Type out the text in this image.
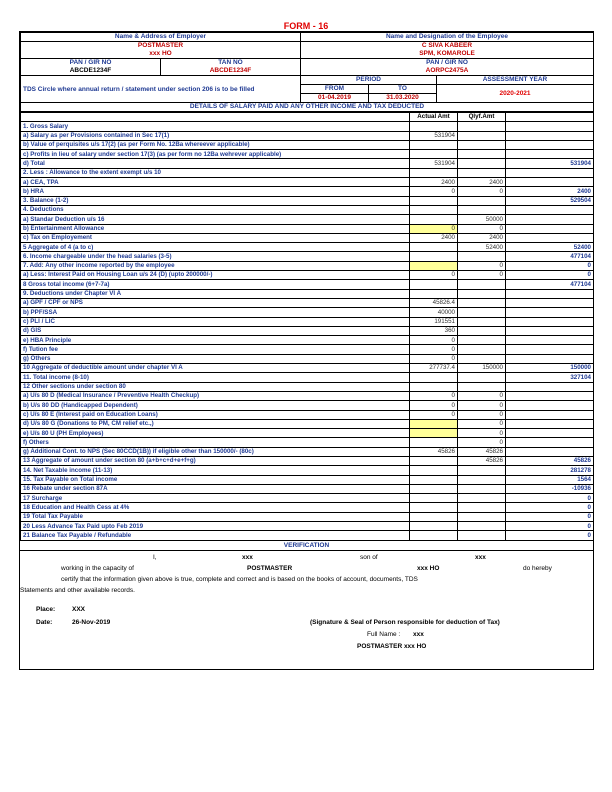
FORM - 16
Name & Address of Employer		Name and Designation of the Employee		
POSTMASTER		C SIVA KABEER		
xxx HO		SPM, KOMAROLE		
PAN / GIR NO	TAN NO	PAN / GIR NO		
ABCDE1234F	ABCDE1234F	AORPC2475A		
TDS Circle where annual return / statement under section 206 is to be filled		PERIOD		ASSESSMENT YEAR
		FROM	TO	2020-2021
		01-04.2019	31.03.2020	
DETAILS OF SALARY PAID AND ANY OTHER INCOME AND TAX DEDUCTED				
	Actual Amt	Qlyf.Amt	
1. Gross Salary			
a) Salary as per Provisions contained in Sec 17(1)	531904		
b) Value of perquisites u/s 17(2) (as per Form No. 12Ba whereever applicable)			
c) Profits in lieu of salary under section 17(3) (as per form no 12Ba wehrever applicable)			
d) Total	531904		531904
2. Less : Allowance to the extent exempt u/s 10			
a) CEA, TPA	2400	2400	
b) HRA	0	0	2400
3. Balance (1-2)			529504
4. Deductions			
a) Standar Deduction u/s 16		50000	
b) Entertainment Allowance	0	0	
c) Tax on Employement	2400	2400	
5 Aggregate of 4 (a to c)		52400	52400
6. Income chargeable under the head salaries (3-5)			477104
7. Add: Any other income reported by the employee		0	0
a) Less: Interest Paid on Housing Loan u/s 24 (D) (upto 200000/-)	0	0	0
8 Gross total income (6+7-7a)			477104
9. Deductions under Chapter VI A			
a) GPF / CPF or NPS	45826.4		
b) PPF/SSA	40000		
c) PLI / LIC	191551		
d) GIS	360		
e) HBA Principle	0		
f) Tution fee	0		
g) Others	0		
10 Aggregate of deductible amount under chapter VI A	277737.4	150000	150000
11. Total income (8-10)			327104
12 Other sections under section 80			
a) U/s 80 D (Medical Insurance / Preventive Health Checkup)	0	0	
b) U/s 80 DD (Handicapped Dependent)	0	0	
c) U/s 80 E (Interest paid on Education Loans)	0	0	
d) U/s 80 G (Donations to PM, CM relief etc.,)		0	
e) U/s 80 U (PH Employees)		0	
f) Others		0	
g) Additional Cont. to NPS (Sec 80CCD(1B)) if eligible other than 150000/- (80c)	45826	45826	
13 Aggregate of amount under section 80 (a+b+c+d+e+f+g)		45826	45826
14. Net Taxable income (11-13)			281278
15. Tax Payable on Total income			1564
16 Rebate under section 87A			-10936
17 Surcharge			0
18 Education and Health Cess at 4%			0
19 Total Tax Payable			0
20 Less Advance Tax Paid upto Feb 2019			0
21 Balance Tax Payable / Refundable			0
VERIFICATION
I,	xxx	son of	xxx
working in the capacity of	POSTMASTER	xxx HO	do hereby
certify that the information given above is true, complete and correct and is based on the books of account, documents, TDS
Statements and other available records.
Place:	XXX
Date:	26-Nov-2019	(Signature & Seal of Person responsible for deduction of Tax)
Full Name : xxx
POSTMASTER xxx HO
